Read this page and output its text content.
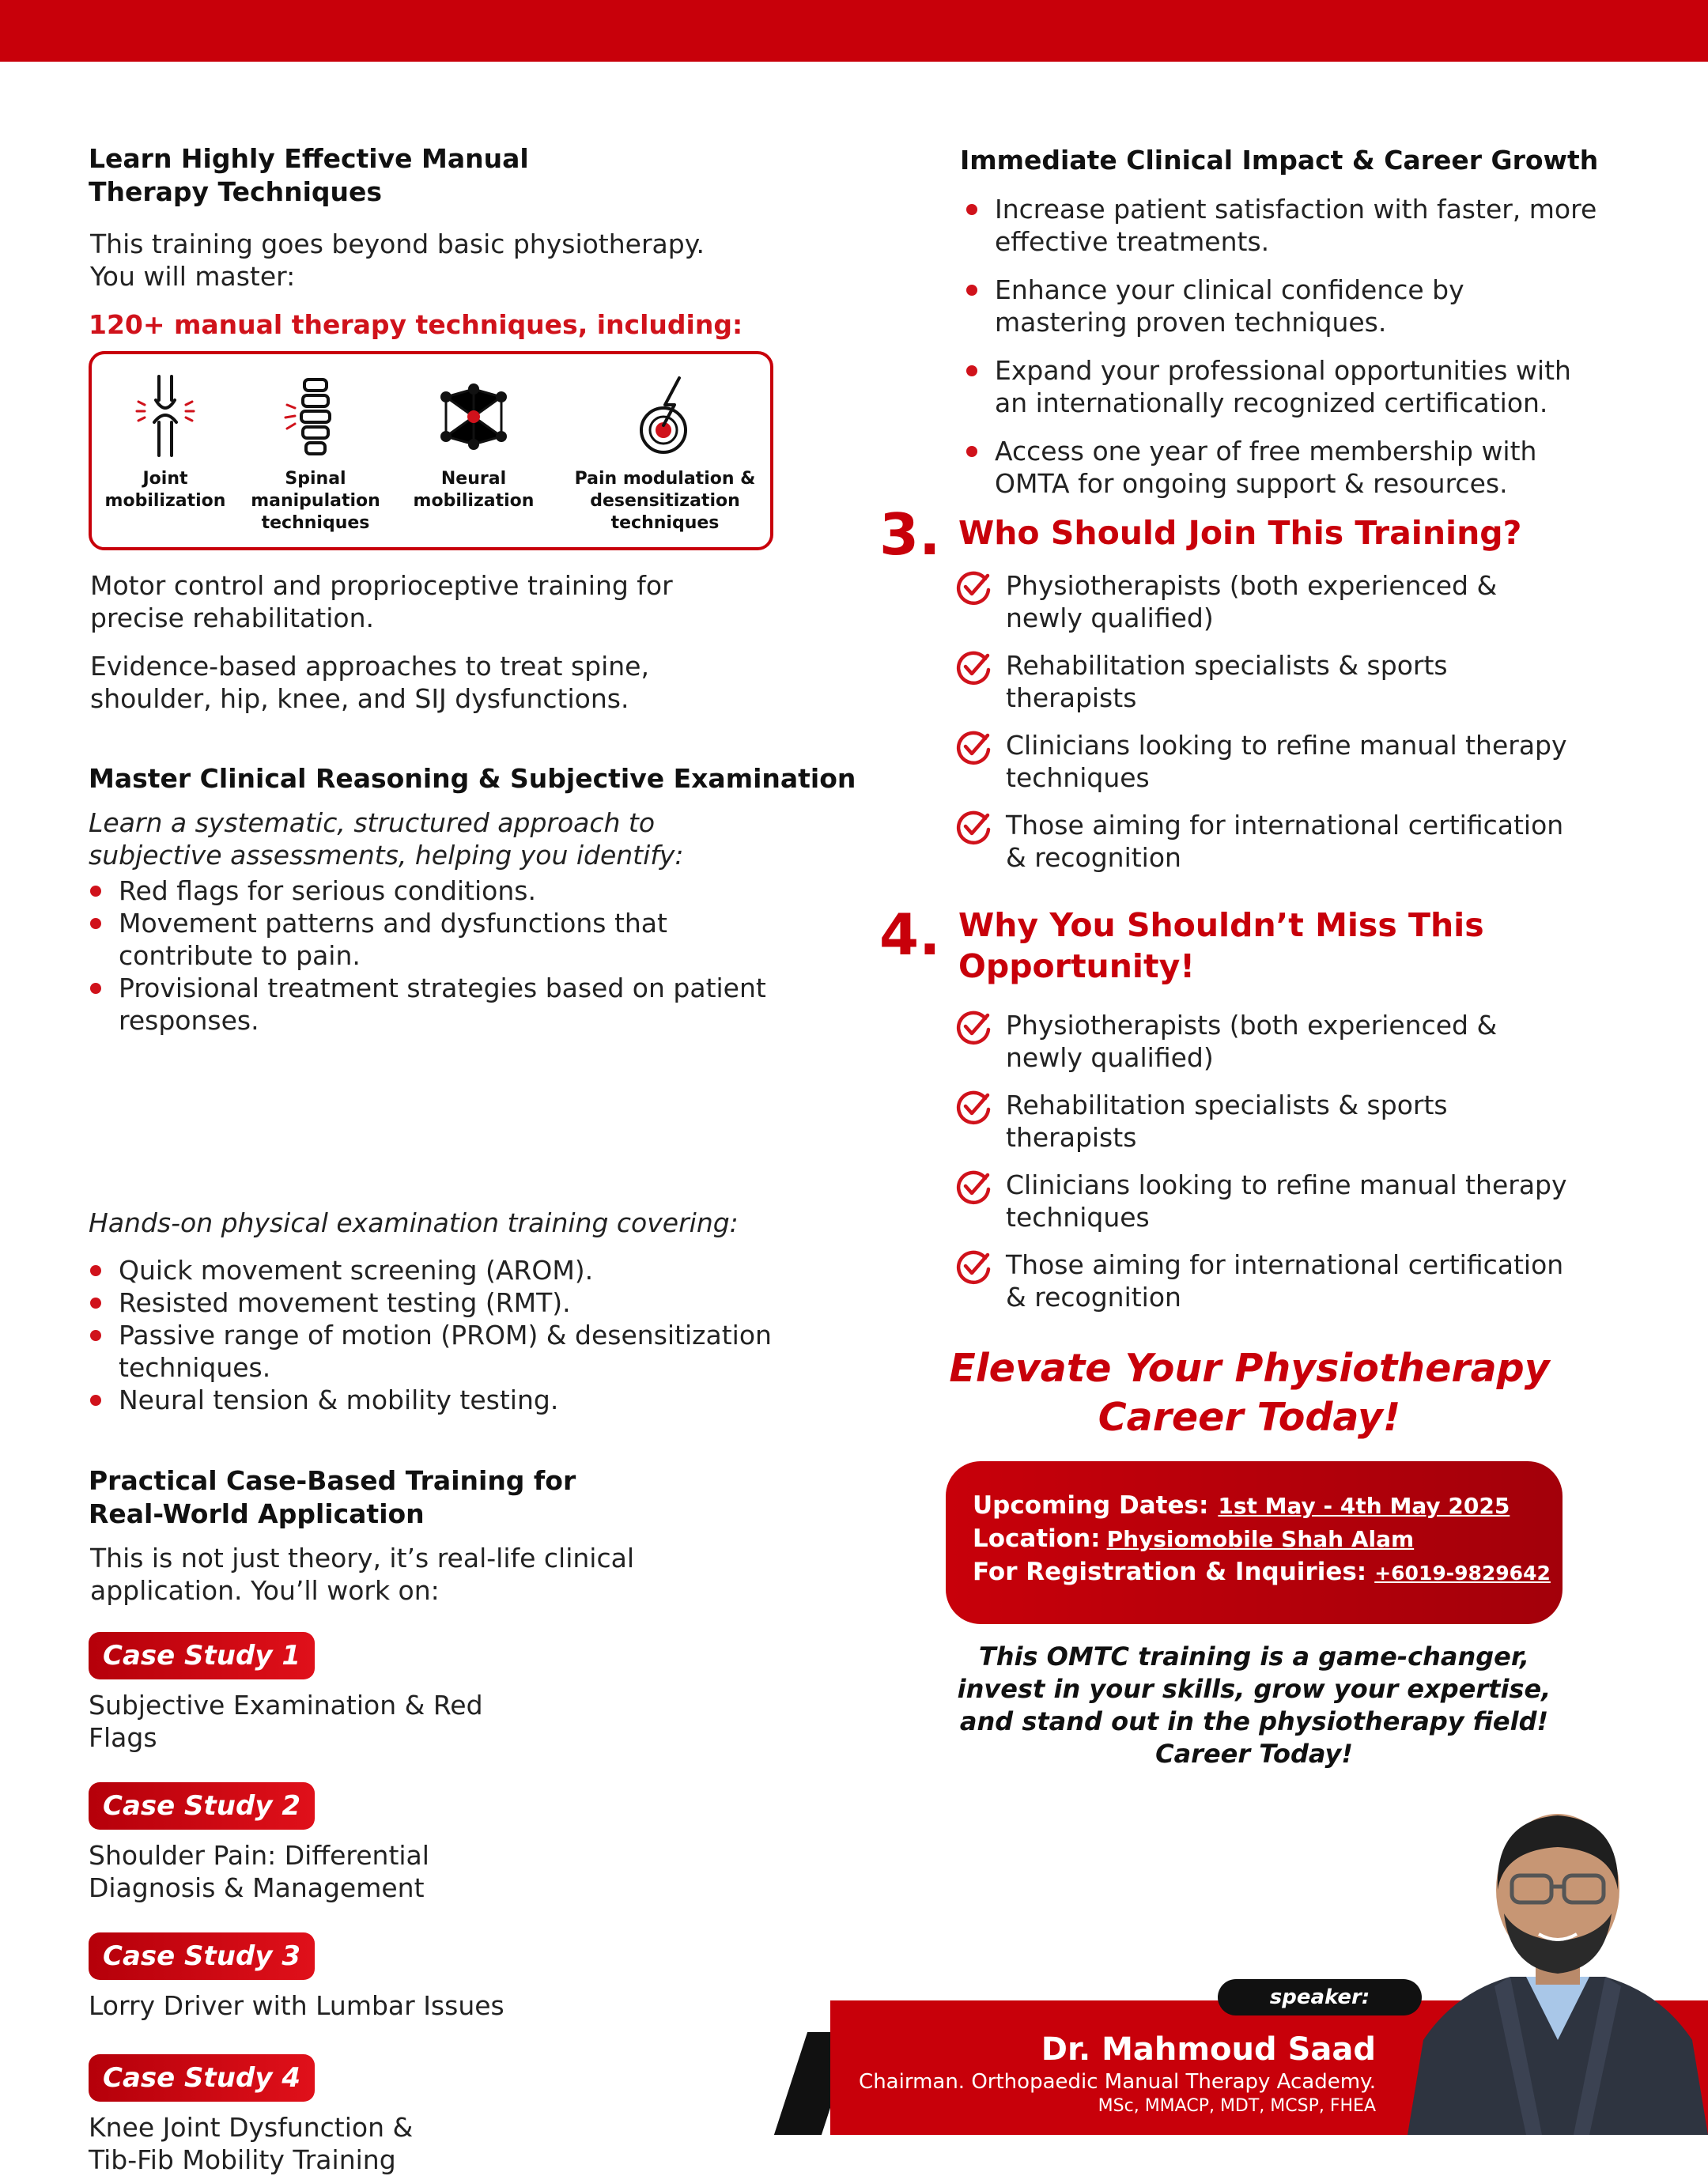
Learn Highly Effective Manual
Therapy Techniques
This training goes beyond basic physiotherapy.
You will master:
120+ manual therapy techniques, including:
Joint
mobilization
Spinal
manipulation
techniques
Neural
mobilization
Pain modulation &
desensitization
techniques
Motor control and proprioceptive training for
precise rehabilitation.
Evidence-based approaches to treat spine,
shoulder, hip, knee, and SIJ dysfunctions.
Master Clinical Reasoning & Subjective Examination
Learn a systematic, structured approach to
subjective assessments, helping you identify:
Red flags for serious conditions.
Movement patterns and dysfunctions that
contribute to pain.
Provisional treatment strategies based on patient
responses.
Hands-on physical examination training covering:
Quick movement screening (AROM).
Resisted movement testing (RMT).
Passive range of motion (PROM) & desensitization
techniques.
Neural tension & mobility testing.
Practical Case-Based Training for
Real-World Application
This is not just theory, it’s real-life clinical
application. You’ll work on:
Case Study 1
Subjective Examination & Red
Flags
Case Study 2
Shoulder Pain: Differential
Diagnosis & Management
Case Study 3
Lorry Driver with Lumbar Issues
Case Study 4
Knee Joint Dysfunction &
Tib-Fib Mobility Training
Immediate Clinical Impact & Career Growth
Increase patient satisfaction with faster, more
effective treatments.
Enhance your clinical confidence by
mastering proven techniques.
Expand your professional opportunities with
an internationally recognized certification.
Access one year of free membership with
OMTA for ongoing support & resources.
3. Who Should Join This Training?
Physiotherapists (both experienced &
newly qualified)
Rehabilitation specialists & sports
therapists
Clinicians looking to refine manual therapy
techniques
Those aiming for international certification
& recognition
4. Why You Shouldn’t Miss This
Opportunity!
Physiotherapists (both experienced &
newly qualified)
Rehabilitation specialists & sports
therapists
Clinicians looking to refine manual therapy
techniques
Those aiming for international certification
& recognition
Elevate Your Physiotherapy
Career Today!
Upcoming Dates: 1st May - 4th May 2025
Location: Physiomobile Shah Alam
For Registration & Inquiries: +6019-9829642
This OMTC training is a game-changer,
invest in your skills, grow your expertise,
and stand out in the physiotherapy field!
Career Today!
speaker:
Dr. Mahmoud Saad
Chairman. Orthopaedic Manual Therapy Academy.
MSc, MMACP, MDT, MCSP, FHEA
